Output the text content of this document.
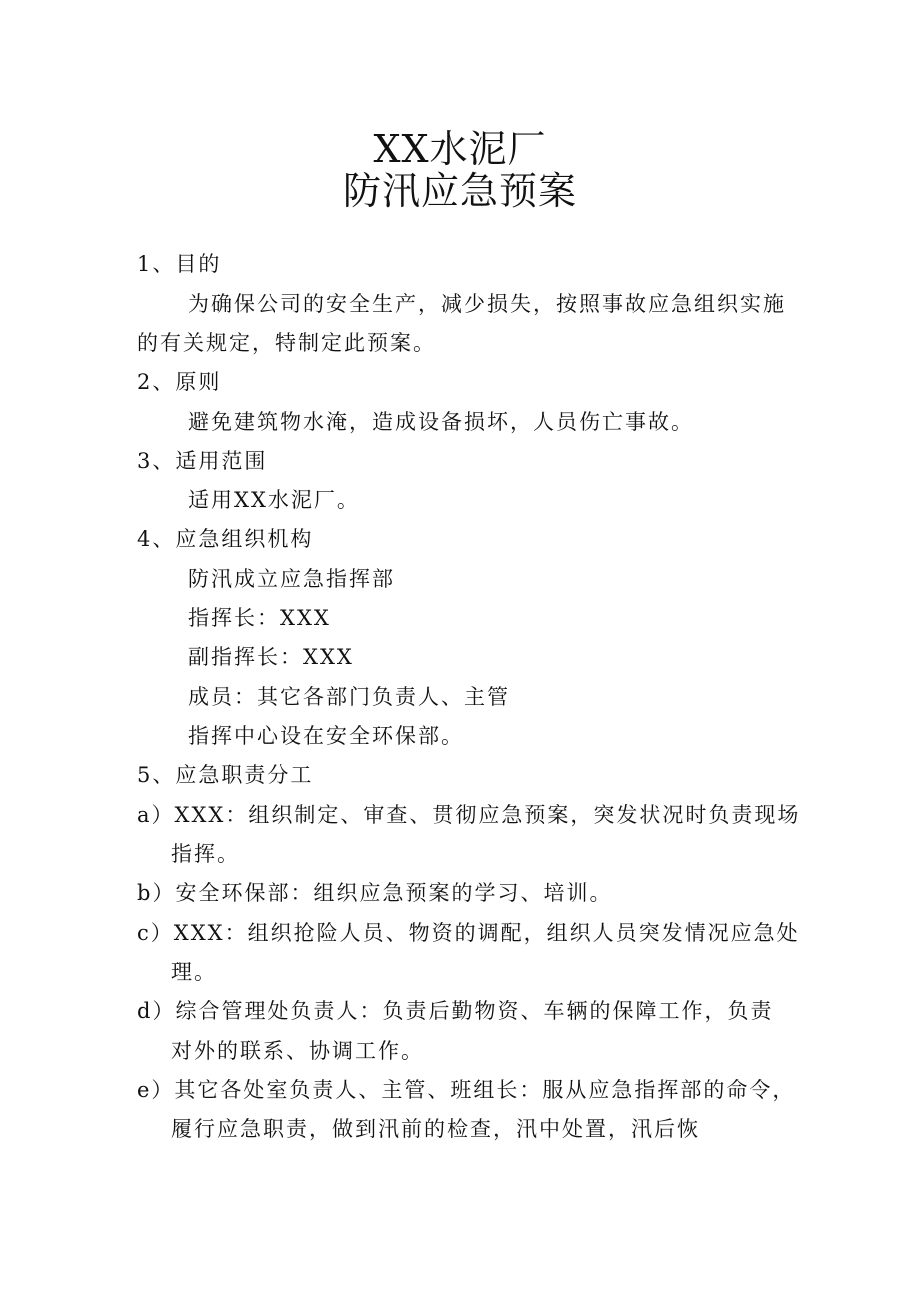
XX水泥厂
防汛应急预案
1、目的
为确保公司的安全生产，减少损失，按照事故应急组织实施
的有关规定，特制定此预案。
2、原则
避免建筑物水淹，造成设备损坏，人员伤亡事故。
3、适用范围
适用XX水泥厂。
4、应急组织机构
防汛成立应急指挥部
指挥长：XXX
副指挥长：XXX
成员：其它各部门负责人、主管
指挥中心设在安全环保部。
5、应急职责分工
a）XXX：组织制定、审查、贯彻应急预案，突发状况时负责现场
指挥。
b）安全环保部：组织应急预案的学习、培训。
c）XXX：组织抢险人员、物资的调配，组织人员突发情况应急处
理。
d）综合管理处负责人：负责后勤物资、车辆的保障工作，负责
对外的联系、协调工作。
e）其它各处室负责人、主管、班组长：服从应急指挥部的命令，
履行应急职责，做到汛前的检查，汛中处置，汛后恢
